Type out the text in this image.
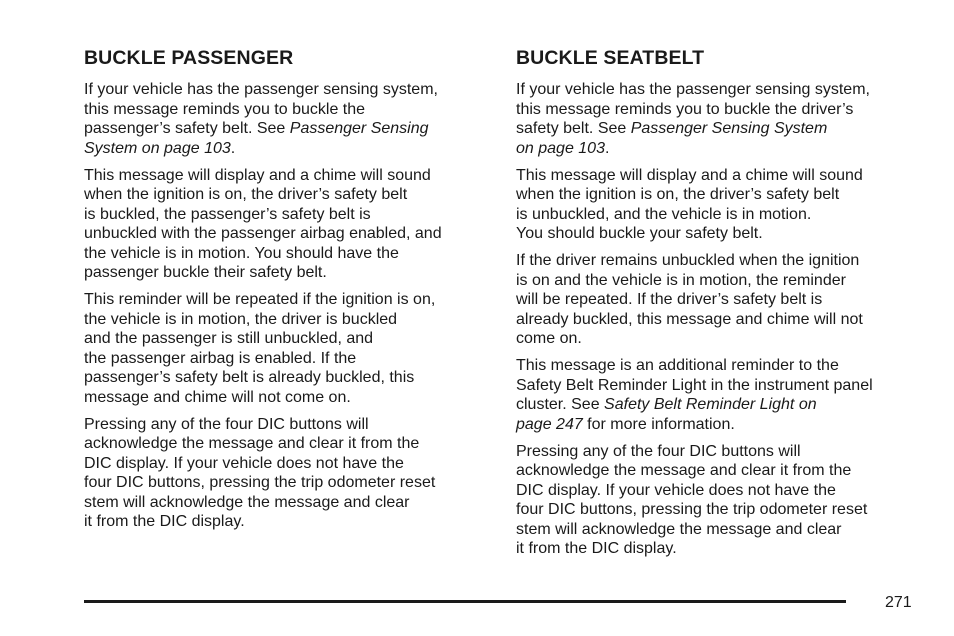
BUCKLE PASSENGER

If your vehicle has the passenger sensing system,
this message reminds you to buckle the
passenger’s safety belt. See Passenger Sensing
System on page 103.

This message will display and a chime will sound
when the ignition is on, the driver’s safety belt
is buckled, the passenger’s safety belt is
unbuckled with the passenger airbag enabled, and
the vehicle is in motion. You should have the
passenger buckle their safety belt.

This reminder will be repeated if the ignition is on,
the vehicle is in motion, the driver is buckled
and the passenger is still unbuckled, and
the passenger airbag is enabled. If the
passenger’s safety belt is already buckled, this
message and chime will not come on.

Pressing any of the four DIC buttons will
acknowledge the message and clear it from the
DIC display. If your vehicle does not have the
four DIC buttons, pressing the trip odometer reset
stem will acknowledge the message and clear
it from the DIC display.

BUCKLE SEATBELT

If your vehicle has the passenger sensing system,
this message reminds you to buckle the driver’s
safety belt. See Passenger Sensing System
on page 103.

This message will display and a chime will sound
when the ignition is on, the driver’s safety belt
is unbuckled, and the vehicle is in motion.
You should buckle your safety belt.

If the driver remains unbuckled when the ignition
is on and the vehicle is in motion, the reminder
will be repeated. If the driver’s safety belt is
already buckled, this message and chime will not
come on.

This message is an additional reminder to the
Safety Belt Reminder Light in the instrument panel
cluster. See Safety Belt Reminder Light on
page 247 for more information.

Pressing any of the four DIC buttons will
acknowledge the message and clear it from the
DIC display. If your vehicle does not have the
four DIC buttons, pressing the trip odometer reset
stem will acknowledge the message and clear
it from the DIC display.

271
